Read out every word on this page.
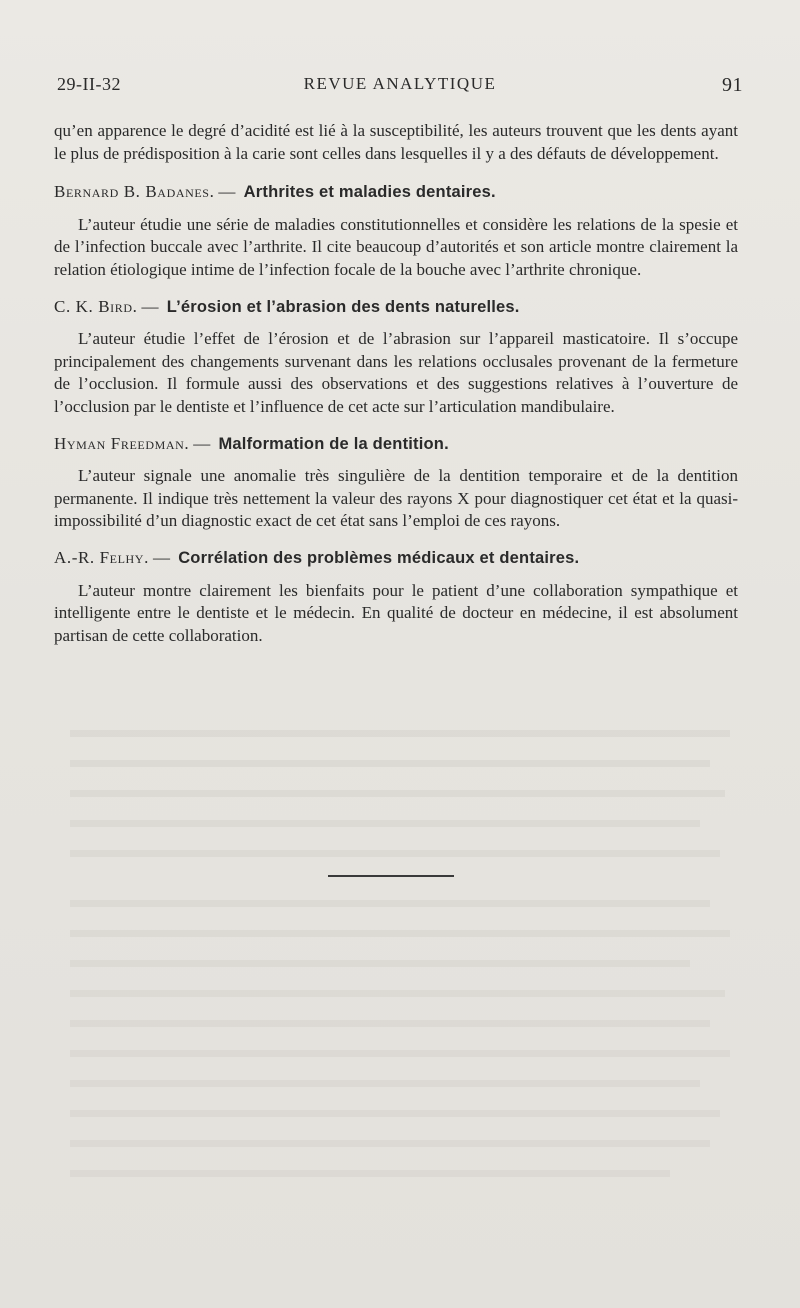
29-II-32	REVUE ANALYTIQUE	91

qu’en apparence le degré d’acidité est lié à la susceptibilité, les auteurs trouvent que les dents ayant le plus de prédisposition à la carie sont celles dans lesquelles il y a des défauts de développement.

Bernard B. Badanes. — Arthrites et maladies dentaires.

L’auteur étudie une série de maladies constitutionnelles et considère les relations de la spesie et de l’infection buccale avec l’arthrite. Il cite beaucoup d’autorités et son article montre clairement la relation étiologique intime de l’infection focale de la bouche avec l’arthrite chronique.

C. K. Bird. — L’érosion et l’abrasion des dents naturelles.

L’auteur étudie l’effet de l’érosion et de l’abrasion sur l’appareil masticatoire. Il s’occupe principalement des changements survenant dans les relations occlusales provenant de la fermeture de l’occlusion. Il formule aussi des observations et des suggestions relatives à l’ouverture de l’occlusion par le dentiste et l’influence de cet acte sur l’articulation mandibulaire.

Hyman Freedman. — Malformation de la dentition.

L’auteur signale une anomalie très singulière de la dentition temporaire et de la dentition permanente. Il indique très nettement la valeur des rayons X pour diagnostiquer cet état et la quasi-impossibilité d’un diagnostic exact de cet état sans l’emploi de ces rayons.

A.-R. Felhy. — Corrélation des problèmes médicaux et dentaires.

L’auteur montre clairement les bienfaits pour le patient d’une collaboration sympathique et intelligente entre le dentiste et le médecin. En qualité de docteur en médecine, il est absolument partisan de cette collaboration.
